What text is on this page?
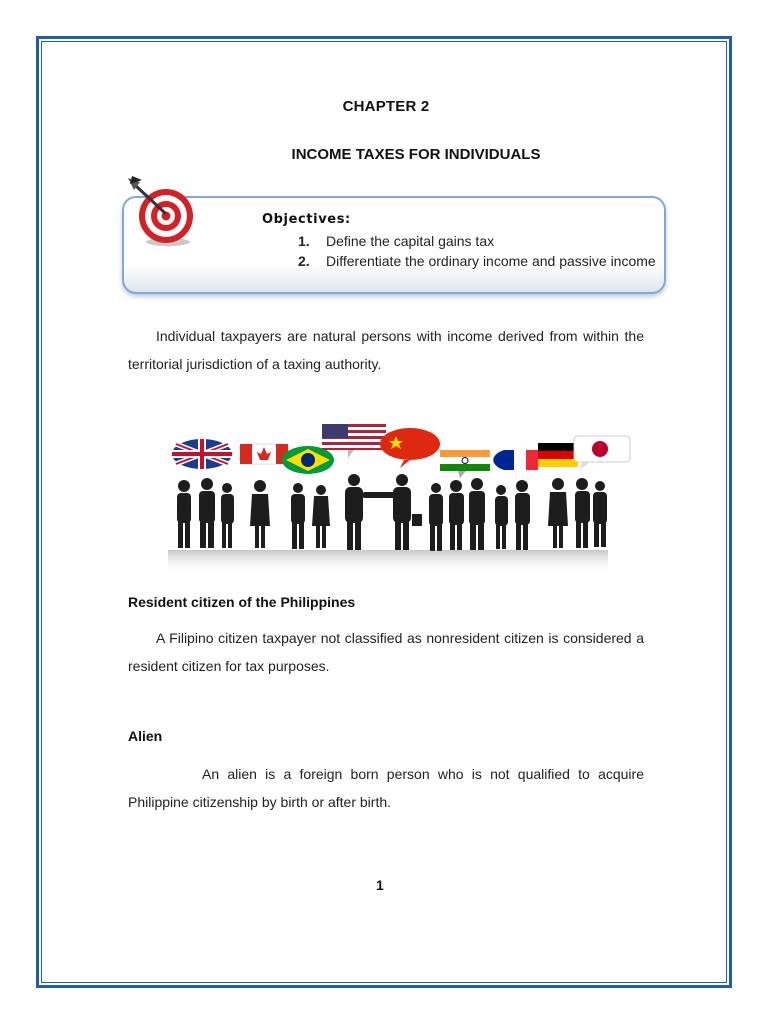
CHAPTER 2
INCOME TAXES FOR INDIVIDUALS
Objectives:
1. Define the capital gains tax
2. Differentiate the ordinary income and passive income
Individual taxpayers are natural persons with income derived from within the territorial jurisdiction of a taxing authority.
Resident citizen of the Philippines
A Filipino citizen taxpayer not classified as nonresident citizen is considered a resident citizen for tax purposes.
Alien
An alien is a foreign born person who is not qualified to acquire Philippine citizenship by birth or after birth.
1
